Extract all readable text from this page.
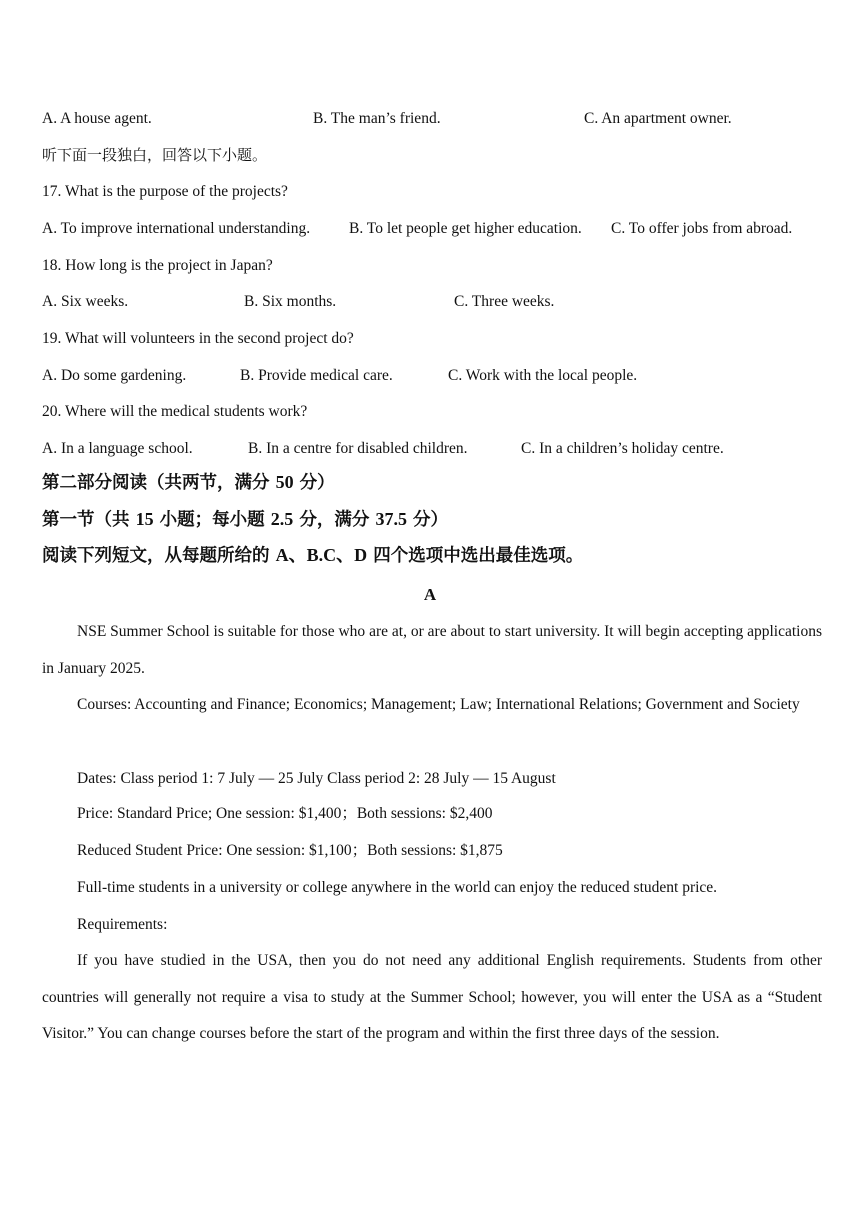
A. A house agent.	B. The man’s friend.	C. An apartment owner.
听下面一段独白，回答以下小题。
17. What is the purpose of the projects?
A. To improve international understanding.	B. To let people get higher education. C. To offer jobs from abroad.
18. How long is the project in Japan?
A. Six weeks.	B. Six months.	C. Three weeks.
19. What will volunteers in the second project do?
A. Do some gardening.	B. Provide medical care.	C. Work with the local people.
20. Where will the medical students work?
A. In a language school.	B. In a centre for disabled children.	C. In a children’s holiday centre.
第二部分阅读（共两节，满分 50 分）
第一节（共 15 小题；每小题 2.5 分，满分 37.5 分）
阅读下列短文，从每题所给的 A、B.C、D 四个选项中选出最佳选项。
A
NSE Summer School is suitable for those who are at, or are about to start university. It will begin accepting applications in January 2025.
Courses: Accounting and Finance; Economics; Management; Law; International Relations; Government and Society
Dates: Class period 1: 7 July — 25 July Class period 2: 28 July — 15 August
Price: Standard Price; One session: $1,400；Both sessions: $2,400
Reduced Student Price: One session: $1,100；Both sessions: $1,875
Full-time students in a university or college anywhere in the world can enjoy the reduced student price.
Requirements:
If you have studied in the USA, then you do not need any additional English requirements. Students from other countries will generally not require a visa to study at the Summer School; however, you will enter the USA as a “Student Visitor.” You can change courses before the start of the program and within the first three days of the session.
